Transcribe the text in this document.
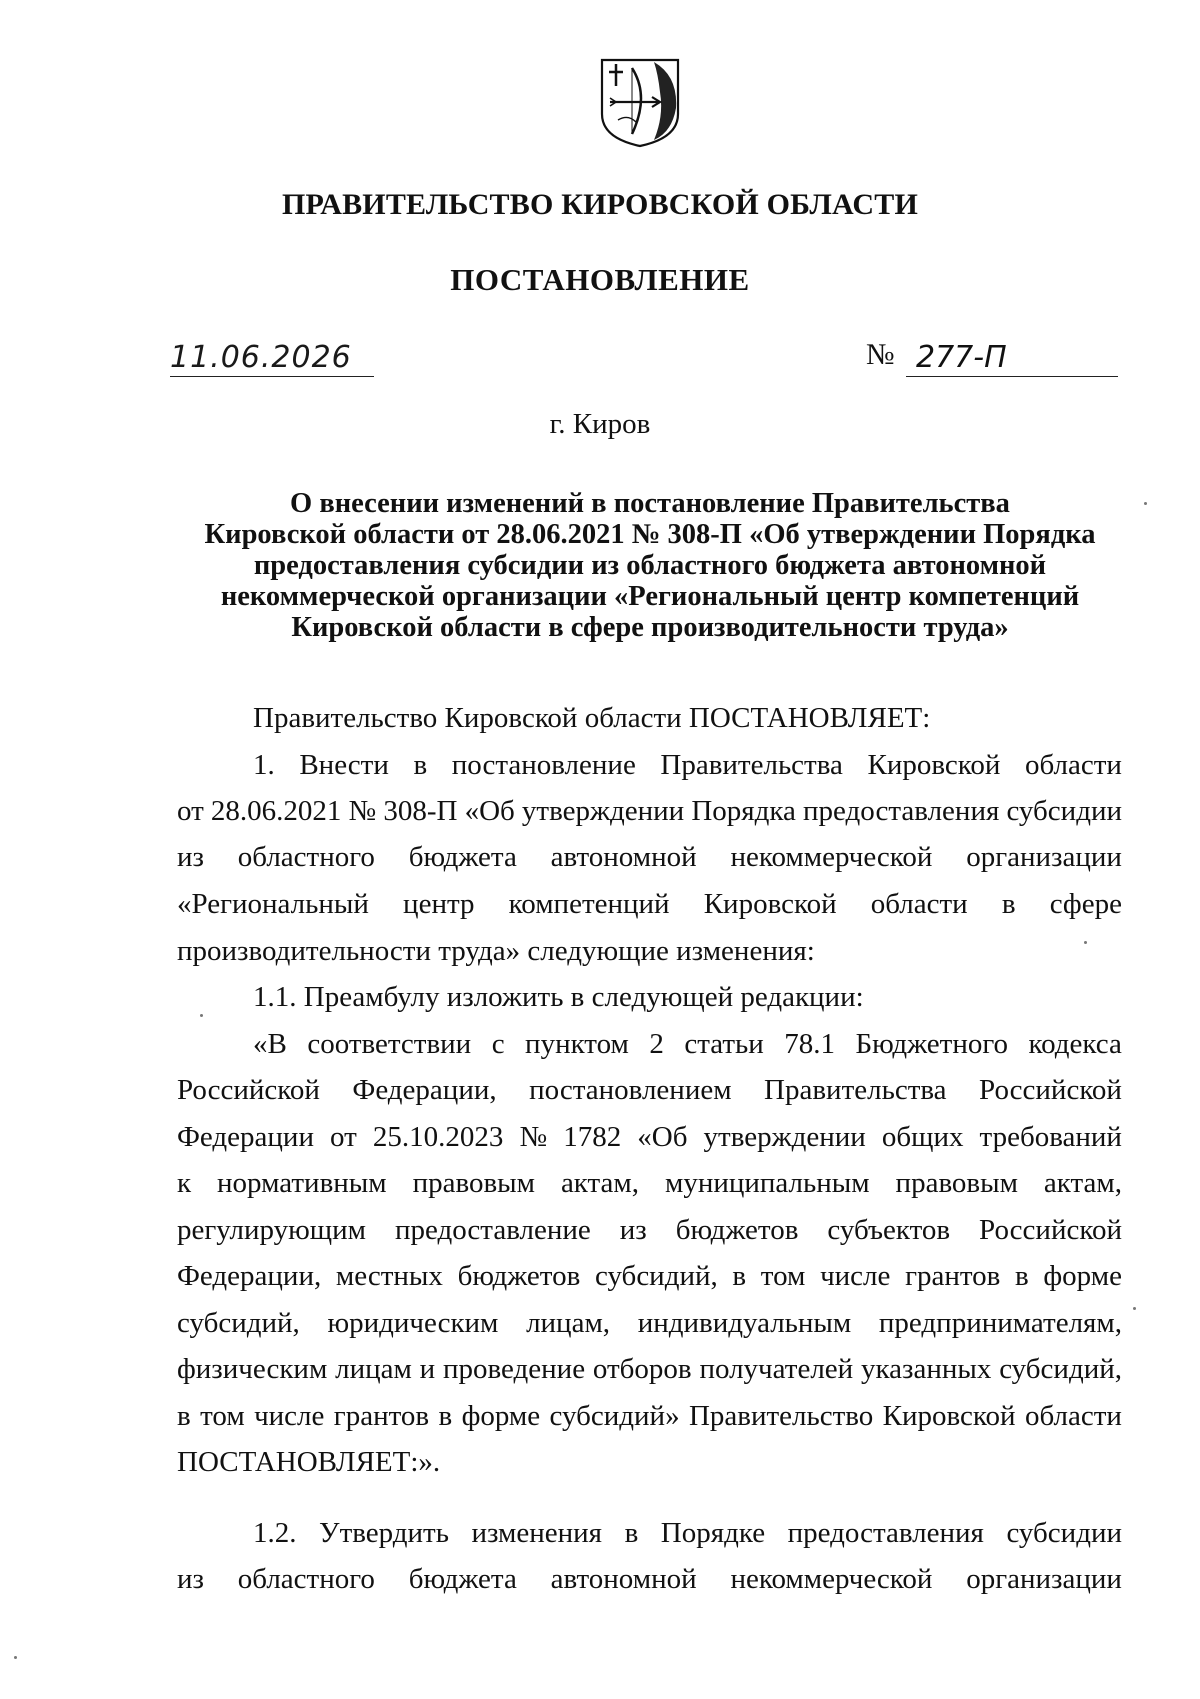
ПРАВИТЕЛЬСТВО КИРОВСКОЙ ОБЛАСТИ
ПОСТАНОВЛЕНИЕ
11.06.2026	№ 277-П
г. Киров
О внесении изменений в постановление Правительства
Кировской области от 28.06.2021 № 308-П «Об утверждении Порядка
предоставления субсидии из областного бюджета автономной
некоммерческой организации «Региональный центр компетенций
Кировской области в сфере производительности труда»
Правительство Кировской области ПОСТАНОВЛЯЕТ:
1. Внести в постановление Правительства Кировской области
от 28.06.2021 № 308-П «Об утверждении Порядка предоставления субсидии
из областного бюджета автономной некоммерческой организации
«Региональный центр компетенций Кировской области в сфере
производительности труда» следующие изменения:
1.1. Преамбулу изложить в следующей редакции:
«В соответствии с пунктом 2 статьи 78.1 Бюджетного кодекса
Российской Федерации, постановлением Правительства Российской
Федерации от 25.10.2023 № 1782 «Об утверждении общих требований
к нормативным правовым актам, муниципальным правовым актам,
регулирующим предоставление из бюджетов субъектов Российской
Федерации, местных бюджетов субсидий, в том числе грантов в форме
субсидий, юридическим лицам, индивидуальным предпринимателям,
физическим лицам и проведение отборов получателей указанных субсидий,
в том числе грантов в форме субсидий» Правительство Кировской области
ПОСТАНОВЛЯЕТ:».
1.2. Утвердить изменения в Порядке предоставления субсидии
из областного бюджета автономной некоммерческой организации
